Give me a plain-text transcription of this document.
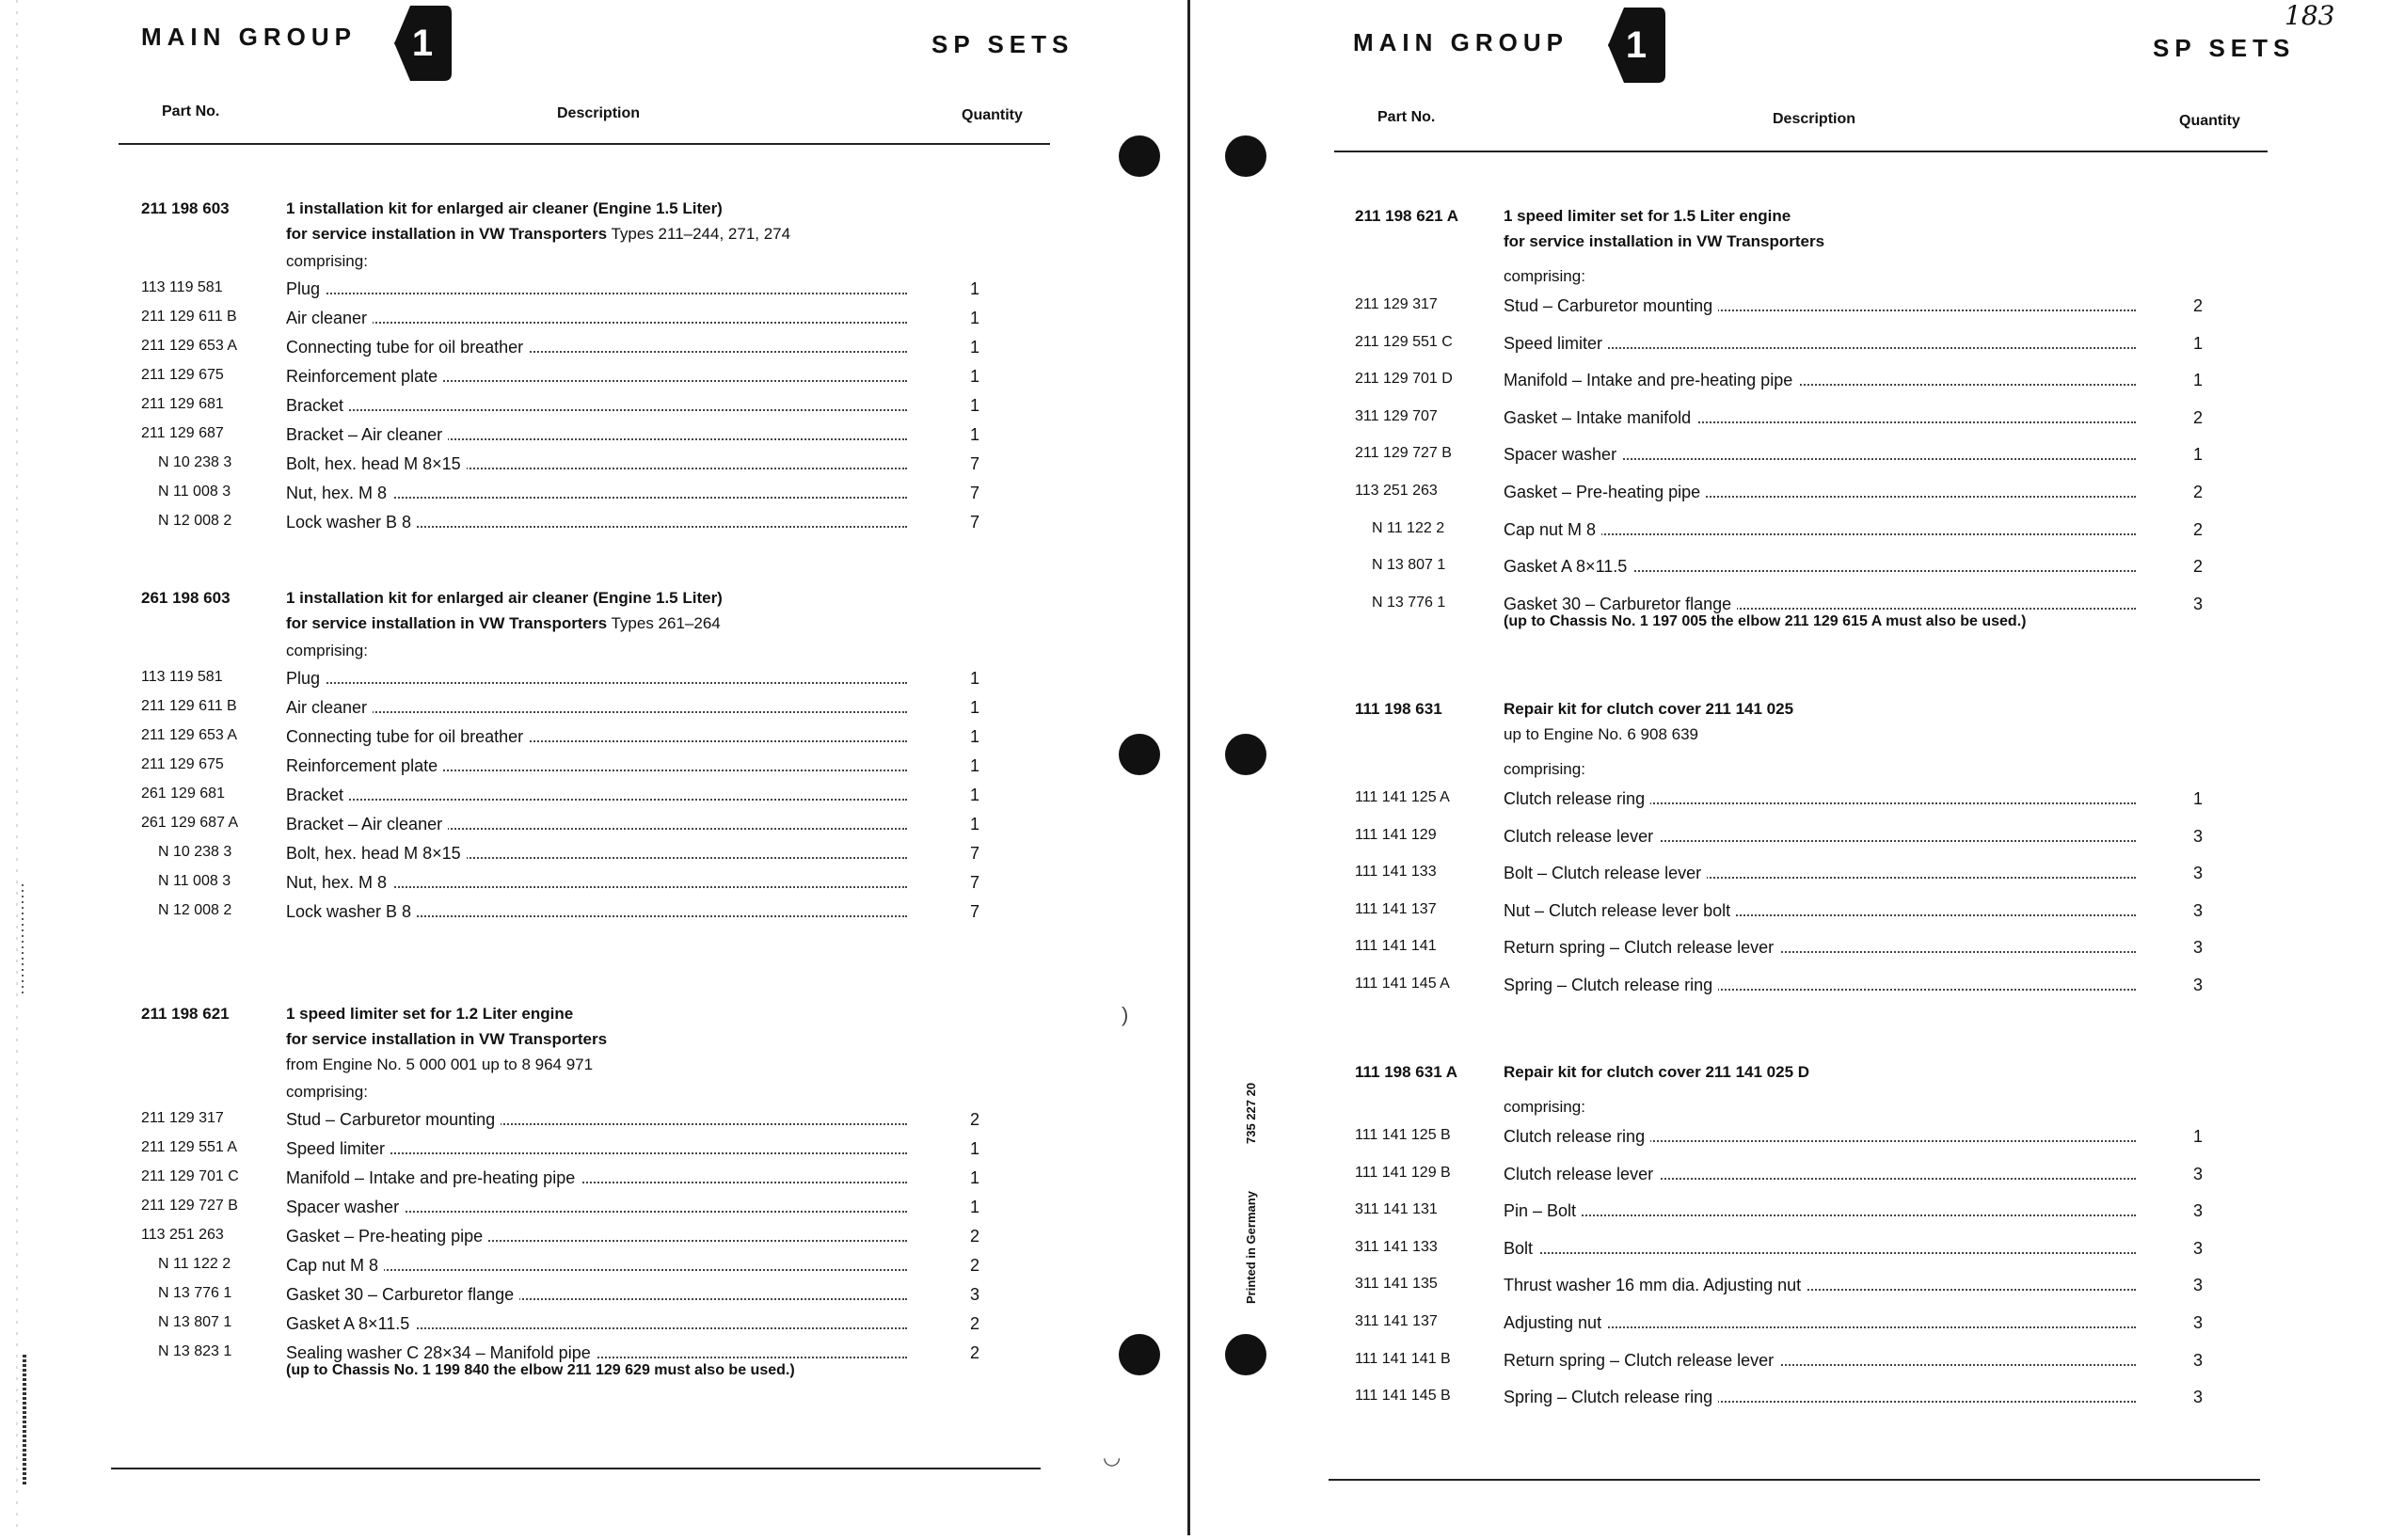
MAIN GROUP	1	SP SETS
Part No.	Description	Quantity
211 198 603	1 installation kit for enlarged air cleaner (Engine 1.5 Liter)
for service installation in VW Transporters Types 211–244, 271, 274
comprising:
113 119 581	Plug	1
211 129 611 B	Air cleaner	1
211 129 653 A	Connecting tube for oil breather	1
211 129 675	Reinforcement plate	1
211 129 681	Bracket	1
211 129 687	Bracket – Air cleaner	1
N 10 238 3	Bolt, hex. head M 8×15	7
N 11 008 3	Nut, hex. M 8	7
N 12 008 2	Lock washer B 8	7
261 198 603	1 installation kit for enlarged air cleaner (Engine 1.5 Liter)
for service installation in VW Transporters Types 261–264
comprising:
113 119 581	Plug	1
211 129 611 B	Air cleaner	1
211 129 653 A	Connecting tube for oil breather	1
211 129 675	Reinforcement plate	1
261 129 681	Bracket	1
261 129 687 A	Bracket – Air cleaner	1
N 10 238 3	Bolt, hex. head M 8×15	7
N 11 008 3	Nut, hex. M 8	7
N 12 008 2	Lock washer B 8	7
211 198 621	1 speed limiter set for 1.2 Liter engine
for service installation in VW Transporters
from Engine No. 5 000 001 up to 8 964 971
comprising:
211 129 317	Stud – Carburetor mounting	2
211 129 551 A	Speed limiter	1
211 129 701 C	Manifold – Intake and pre-heating pipe	1
211 129 727 B	Spacer washer	1
113 251 263	Gasket – Pre-heating pipe	2
N 11 122 2	Cap nut M 8	2
N 13 776 1	Gasket 30 – Carburetor flange	3
N 13 807 1	Gasket A 8×11.5	2
N 13 823 1	Sealing washer C 28×34 – Manifold pipe	2
(up to Chassis No. 1 199 840 the elbow 211 129 629 must also be used.)
)
◡
Printed in Germany
735 227 20
MAIN GROUP	1	SP SETS
Part No.	Description	Quantity
183
211 198 621 A	1 speed limiter set for 1.5 Liter engine
for service installation in VW Transporters
comprising:
211 129 317	Stud – Carburetor mounting	2
211 129 551 C	Speed limiter	1
211 129 701 D	Manifold – Intake and pre-heating pipe	1
311 129 707	Gasket – Intake manifold	2
211 129 727 B	Spacer washer	1
113 251 263	Gasket – Pre-heating pipe	2
N 11 122 2	Cap nut M 8	2
N 13 807 1	Gasket A 8×11.5	2
N 13 776 1	Gasket 30 – Carburetor flange	3
(up to Chassis No. 1 197 005 the elbow 211 129 615 A must also be used.)
111 198 631	Repair kit for clutch cover 211 141 025
up to Engine No. 6 908 639
comprising:
111 141 125 A	Clutch release ring	1
111 141 129	Clutch release lever	3
111 141 133	Bolt – Clutch release lever	3
111 141 137	Nut – Clutch release lever bolt	3
111 141 141	Return spring – Clutch release lever	3
111 141 145 A	Spring – Clutch release ring	3
111 198 631 A	Repair kit for clutch cover 211 141 025 D
comprising:
111 141 125 B	Clutch release ring	1
111 141 129 B	Clutch release lever	3
311 141 131	Pin – Bolt	3
311 141 133	Bolt	3
311 141 135	Thrust washer 16 mm dia. Adjusting nut	3
311 141 137	Adjusting nut	3
111 141 141 B	Return spring – Clutch release lever	3
111 141 145 B	Spring – Clutch release ring	3
